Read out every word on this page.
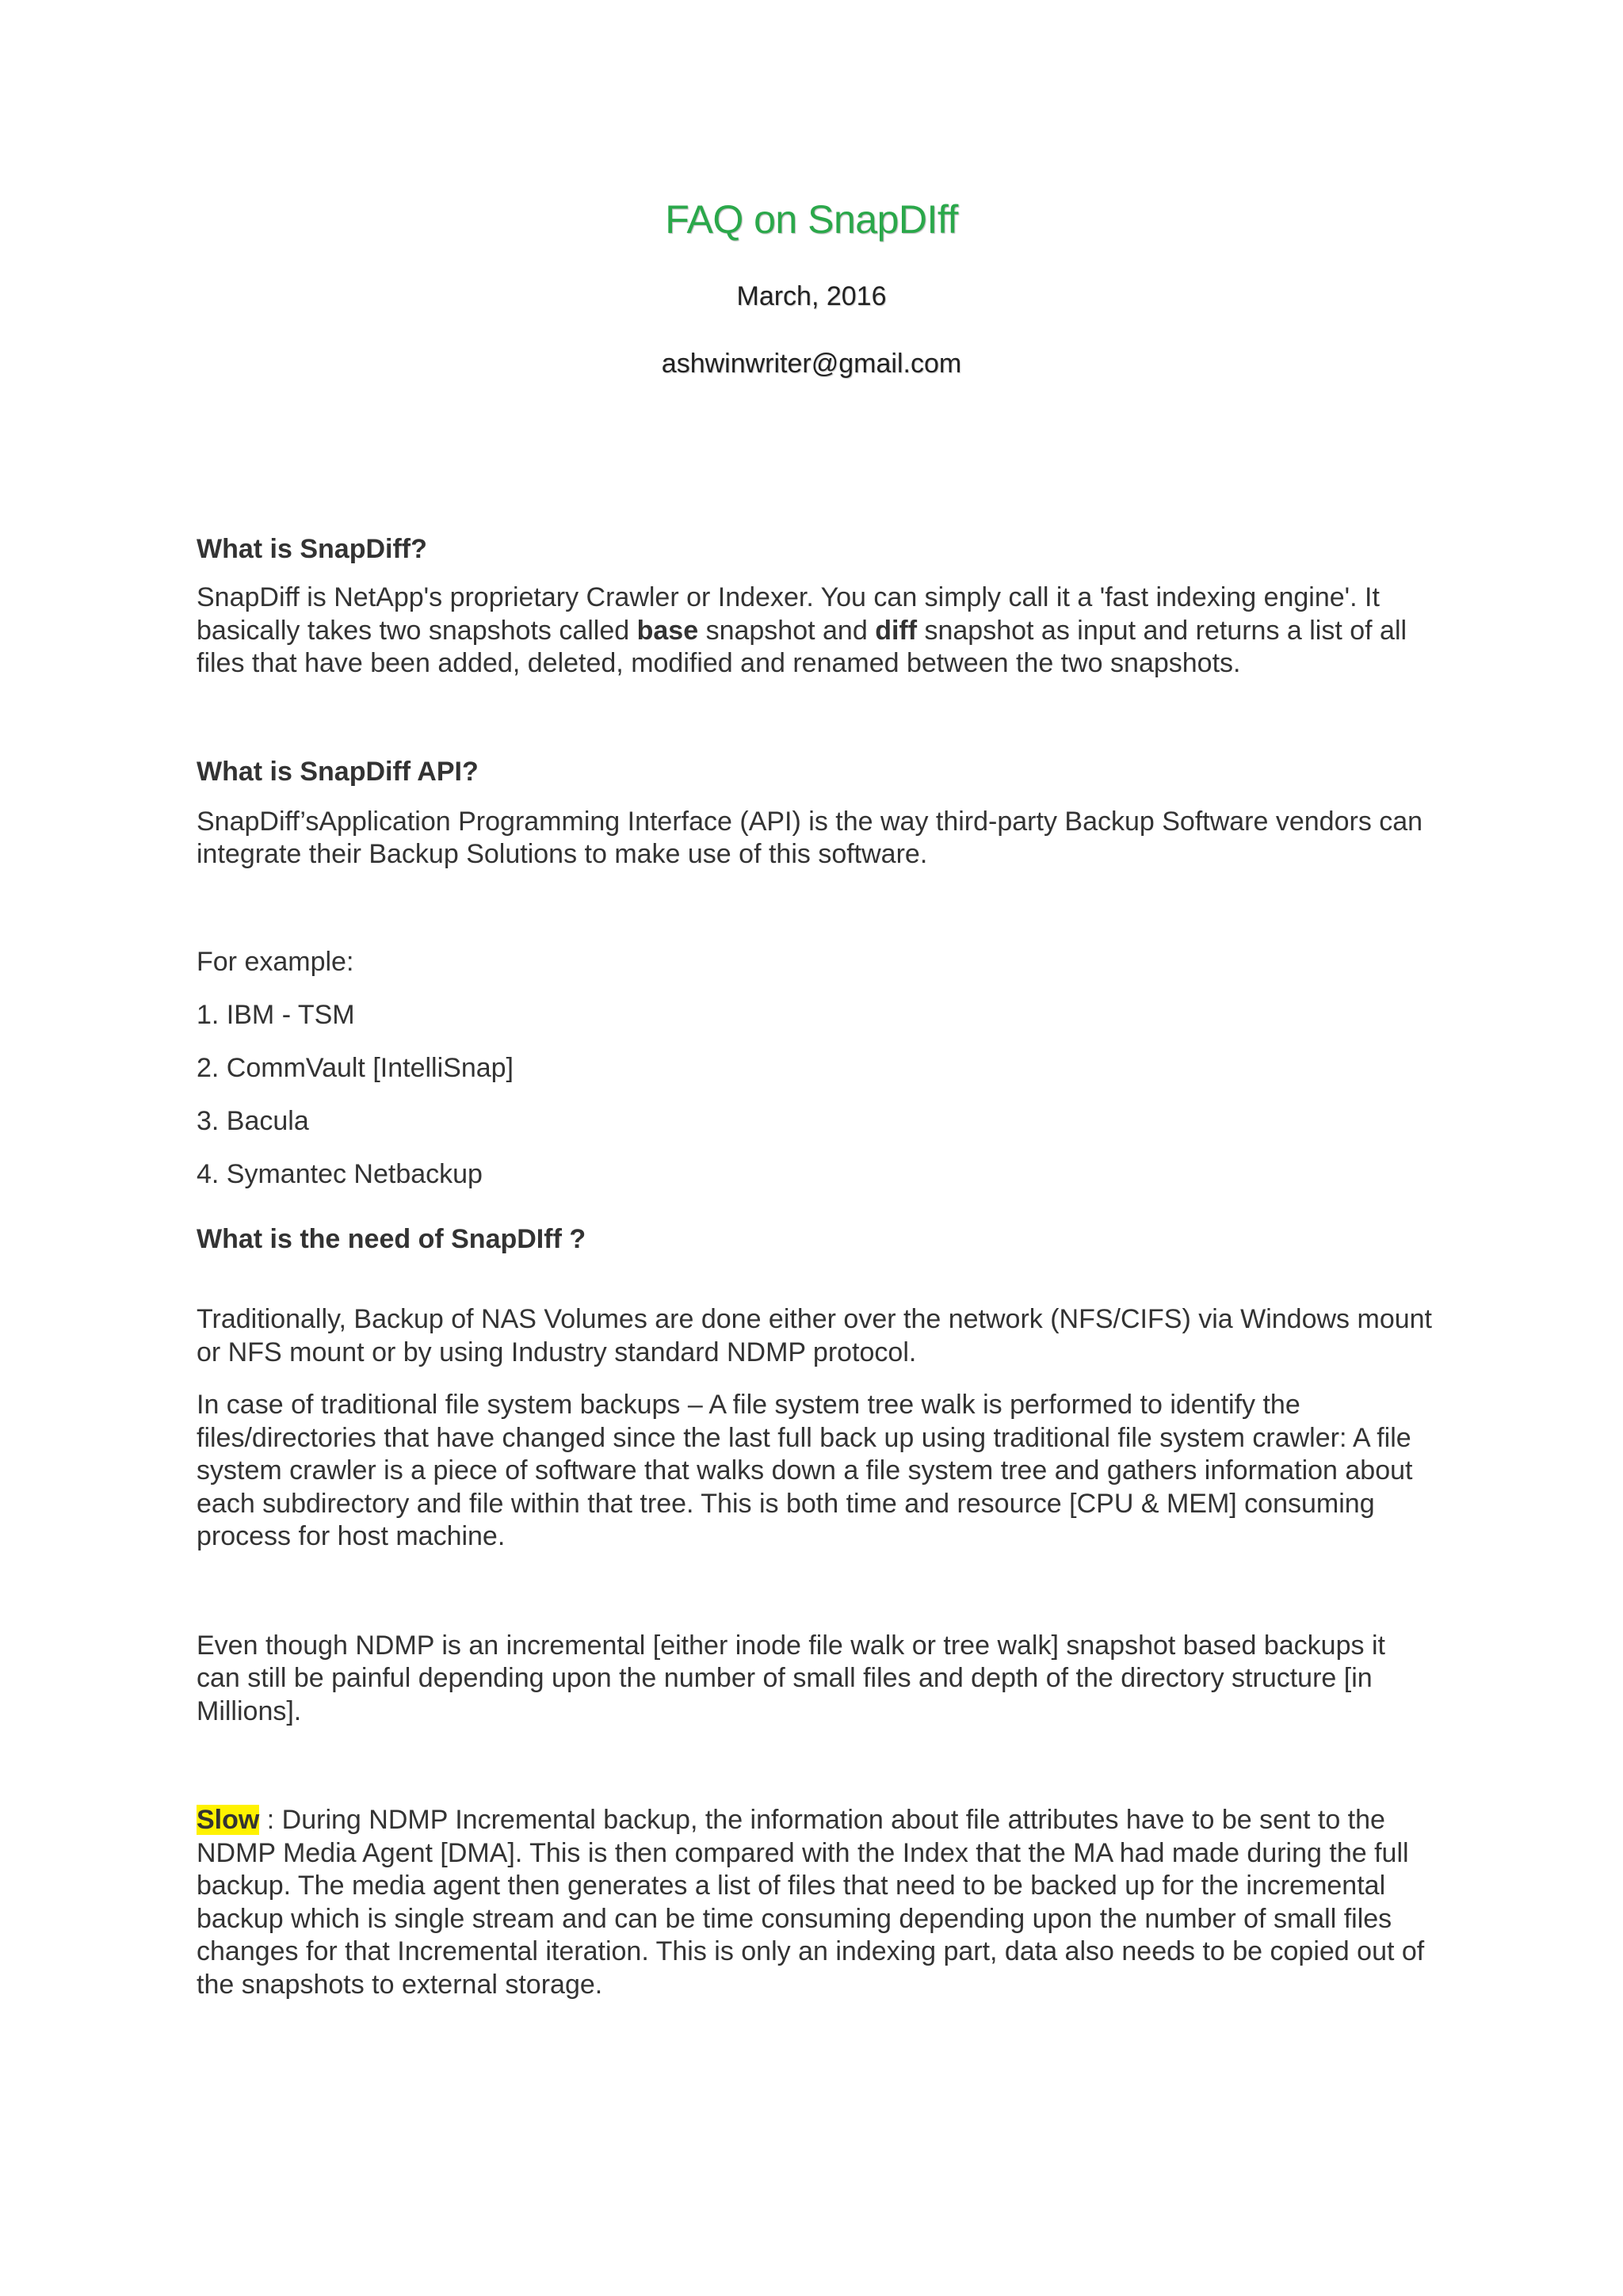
FAQ on SnapDIff
March, 2016
ashwinwriter@gmail.com

What is SnapDiff?

SnapDiff is NetApp's proprietary Crawler or Indexer. You can simply call it a 'fast indexing engine'. It basically takes two snapshots called base snapshot and diff snapshot as input and returns a list of all files that have been added, deleted, modified and renamed between the two snapshots.

What is SnapDiff API?

SnapDiff’sApplication Programming Interface (API) is the way third-party Backup Software vendors can integrate their Backup Solutions to make use of this software.

For example:

1. IBM - TSM

2. CommVault [IntelliSnap]

3. Bacula

4. Symantec Netbackup

What is the need of SnapDIff ?

Traditionally, Backup of NAS Volumes are done either over the network (NFS/CIFS) via Windows mount or NFS mount or by using Industry standard NDMP protocol.

In case of traditional file system backups – A file system tree walk is performed to identify the files/directories that have changed since the last full back up using traditional file system crawler: A file system crawler is a piece of software that walks down a file system tree and gathers information about each subdirectory and file within that tree. This is both time and resource [CPU & MEM] consuming process for host machine.

Even though NDMP is an incremental [either inode file walk or tree walk] snapshot based backups it can still be painful depending upon the number of small files and depth of the directory structure [in Millions].

Slow : During NDMP Incremental backup, the information about file attributes have to be sent to the NDMP Media Agent [DMA]. This is then compared with the Index that the MA had made during the full backup. The media agent then generates a list of files that need to be backed up for the incremental backup which is single stream and can be time consuming depending upon the number of small files changes for that Incremental iteration. This is only an indexing part, data also needs to be copied out of the snapshots to external storage.
